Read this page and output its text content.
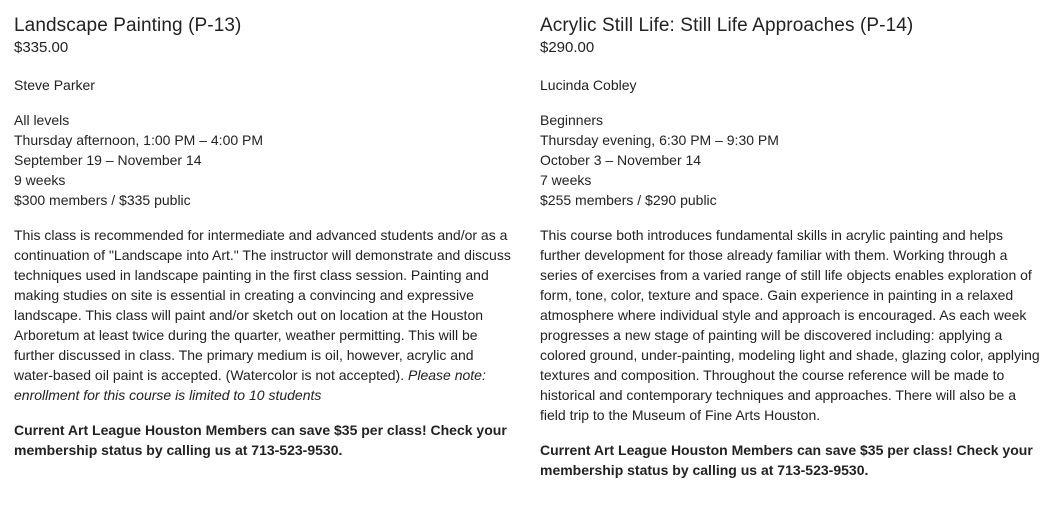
Landscape Painting (P-13)
$335.00
Steve Parker
All levels
Thursday afternoon, 1:00 PM – 4:00 PM
September 19 – November 14
9 weeks
$300 members / $335 public

This class is recommended for intermediate and advanced students and/or as a continuation of "Landscape into Art." The instructor will demonstrate and discuss techniques used in landscape painting in the first class session. Painting and making studies on site is essential in creating a convincing and expressive landscape. This class will paint and/or sketch out on location at the Houston Arboretum at least twice during the quarter, weather permitting. This will be further discussed in class. The primary medium is oil, however, acrylic and water-based oil paint is accepted. (Watercolor is not accepted). Please note: enrollment for this course is limited to 10 students

Current Art League Houston Members can save $35 per class! Check your membership status by calling us at 713-523-9530.

Acrylic Still Life: Still Life Approaches (P-14)
$290.00
Lucinda Cobley
Beginners
Thursday evening, 6:30 PM – 9:30 PM
October 3 – November 14
7 weeks
$255 members / $290 public

This course both introduces fundamental skills in acrylic painting and helps further development for those already familiar with them. Working through a series of exercises from a varied range of still life objects enables exploration of form, tone, color, texture and space. Gain experience in painting in a relaxed atmosphere where individual style and approach is encouraged. As each week progresses a new stage of painting will be discovered including: applying a colored ground, under-painting, modeling light and shade, glazing color, applying textures and composition. Throughout the course reference will be made to historical and contemporary techniques and approaches. There will also be a field trip to the Museum of Fine Arts Houston.

Current Art League Houston Members can save $35 per class! Check your membership status by calling us at 713-523-9530.
